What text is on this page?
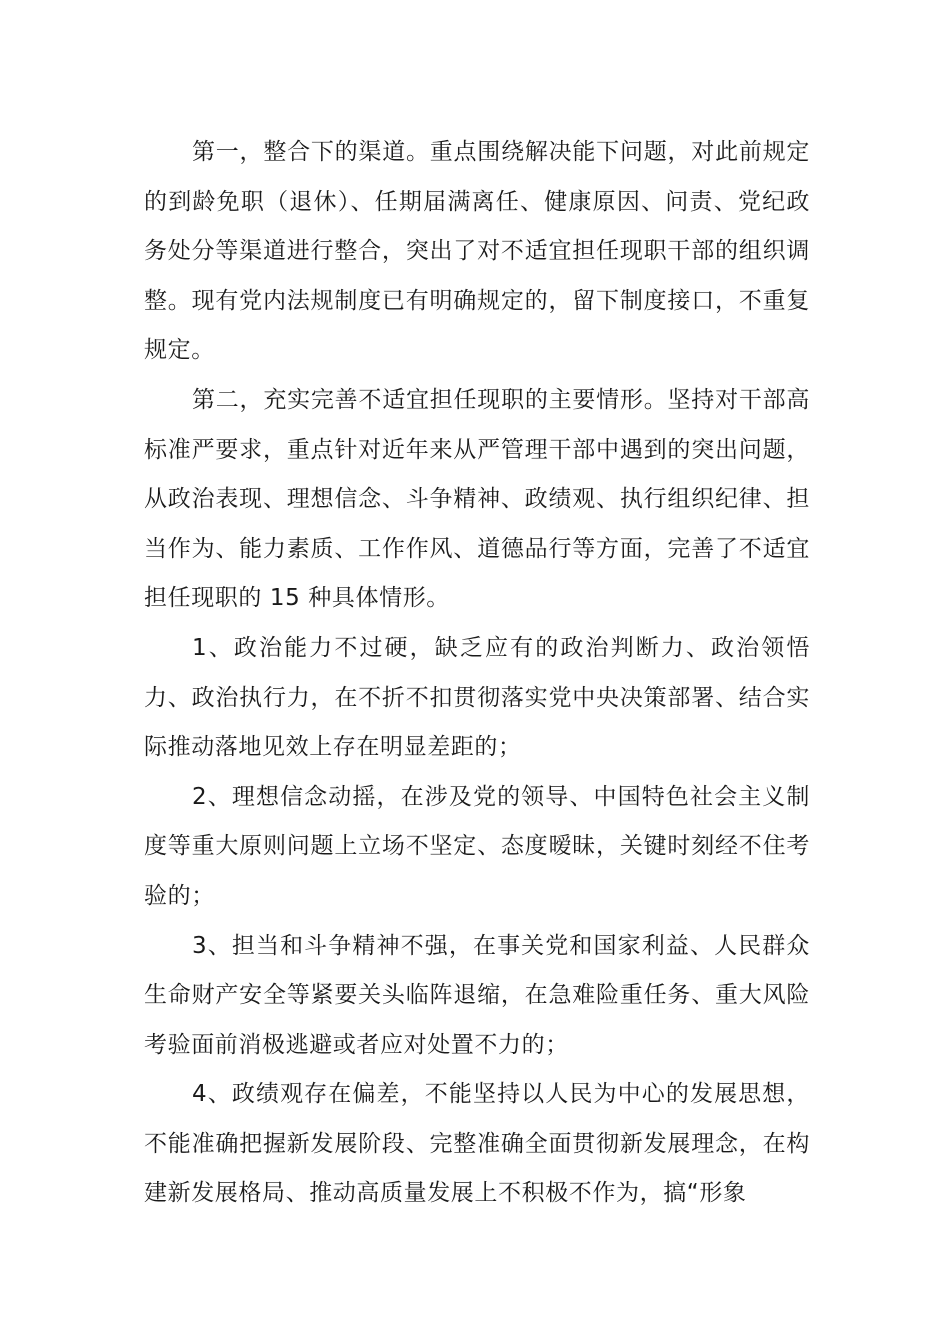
第一，整合下的渠道。重点围绕解决能下问题，对此前规定的到龄免职（退休）、任期届满离任、健康原因、问责、党纪政务处分等渠道进行整合，突出了对不适宜担任现职干部的组织调整。现有党内法规制度已有明确规定的，留下制度接口，不重复规定。

第二，充实完善不适宜担任现职的主要情形。坚持对干部高标准严要求，重点针对近年来从严管理干部中遇到的突出问题，从政治表现、理想信念、斗争精神、政绩观、执行组织纪律、担当作为、能力素质、工作作风、道德品行等方面，完善了不适宜担任现职的 15 种具体情形。

1、政治能力不过硬，缺乏应有的政治判断力、政治领悟力、政治执行力，在不折不扣贯彻落实党中央决策部署、结合实际推动落地见效上存在明显差距的；

2、理想信念动摇，在涉及党的领导、中国特色社会主义制度等重大原则问题上立场不坚定、态度暧昧，关键时刻经不住考验的；

3、担当和斗争精神不强，在事关党和国家利益、人民群众生命财产安全等紧要关头临阵退缩，在急难险重任务、重大风险考验面前消极逃避或者应对处置不力的；

4、政绩观存在偏差，不能坚持以人民为中心的发展思想，不能准确把握新发展阶段、完整准确全面贯彻新发展理念，在构建新发展格局、推动高质量发展上不积极不作为，搞“形象
